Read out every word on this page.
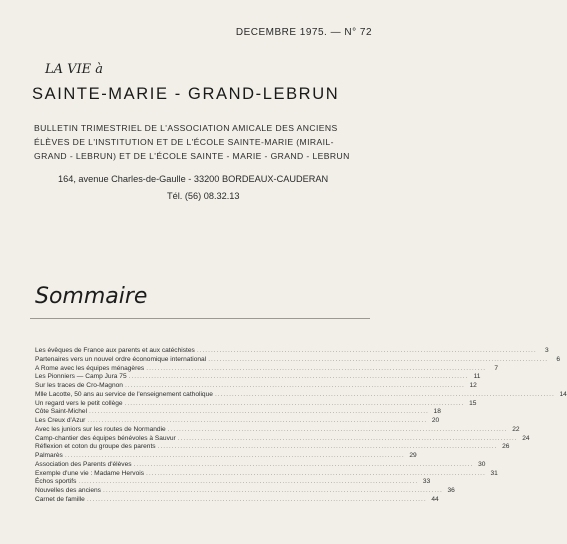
DECEMBRE 1975. — N° 72
LA VIE à
SAINTE-MARIE - GRAND-LEBRUN
BULLETIN TRIMESTRIEL DE L'ASSOCIATION AMICALE DES ANCIENS
ÉLÈVES DE L'INSTITUTION ET DE L'ÉCOLE SAINTE-MARIE (MIRAIL-
GRAND - LEBRUN) ET DE L'ÉCOLE SAINTE - MARIE - GRAND - LEBRUN
164, avenue Charles-de-Gaulle - 33200 BORDEAUX-CAUDERAN
Tél. (56) 08.32.13
Sommaire
Les évêques de France aux parents et aux catéchistes .....	3
Partenaires vers un nouvel ordre économique international .....	6
A Rome avec les équipes ménagères .....	7
Les Pionniers — Camp Jura 75 .....	11
Sur les traces de Cro-Magnon .....	12
Mlle Lacotte, 50 ans au service de l'enseignement catholique .....	14
Un regard vers le petit collège .....	15
Côte Saint-Michel .....	18
Les Creux d'Azur .....	20
Avec les juniors sur les routes de Normandie .....	22
Camp-chantier des équipes bénévoles à Sauvur .....	24
Réflexion et coton du groupe des parents .....	26
Palmarès .....	29
Association des Parents d'élèves .....	30
Exemple d'une vie : Madame Hervois .....	31
Échos sportifs .....	33
Nouvelles des anciens .....	36
Carnet de famille .....	44
